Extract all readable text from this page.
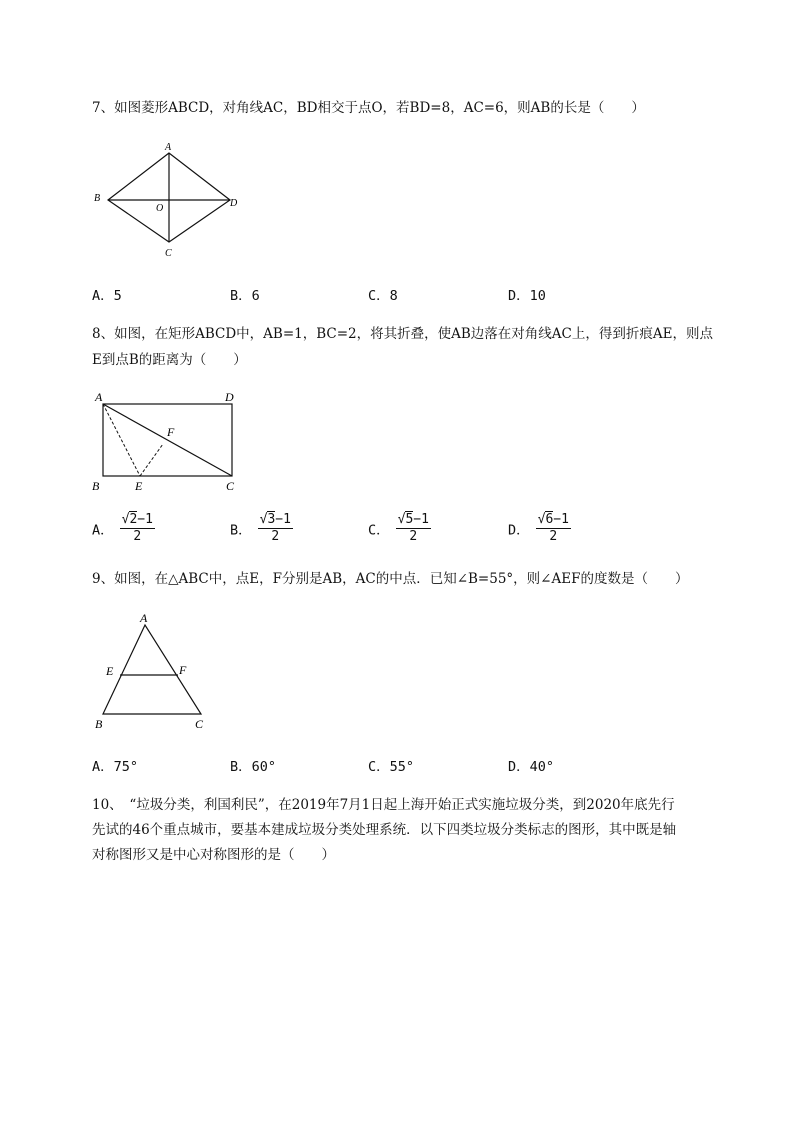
7、如图菱形ABCD，对角线AC，BD相交于点O，若BD=8，AC=6，则AB的长是（　　）
A
B
C
D
O
A．5	B．6	C．8	D．10
8、如图，在矩形ABCD中，AB=1，BC=2，将其折叠，使AB边落在对角线AC上，得到折痕AE，则点
E到点B的距离为（　　）
A	D
F
B	E	C
A． $\frac{√2-1}{2}$	B． $\frac{√3-1}{2}$	C． $\frac{√5-1}{2}$	D． $\frac{√6-1}{2}$
9、如图，在△ABC中，点E，F分别是AB，AC的中点．已知∠B=55°，则∠AEF的度数是（　　）
A
E	F
B	C
A．75°	B．60°	C．55°	D．40°
10、　“垃圾分类，利国利民”，在2019年7月1日起上海开始正式实施垃圾分类，到2020年底先行
先试的46个重点城市，要基本建成垃圾分类处理系统．以下四类垃圾分类标志的图形，其中既是轴
对称图形又是中心对称图形的是（　　）
